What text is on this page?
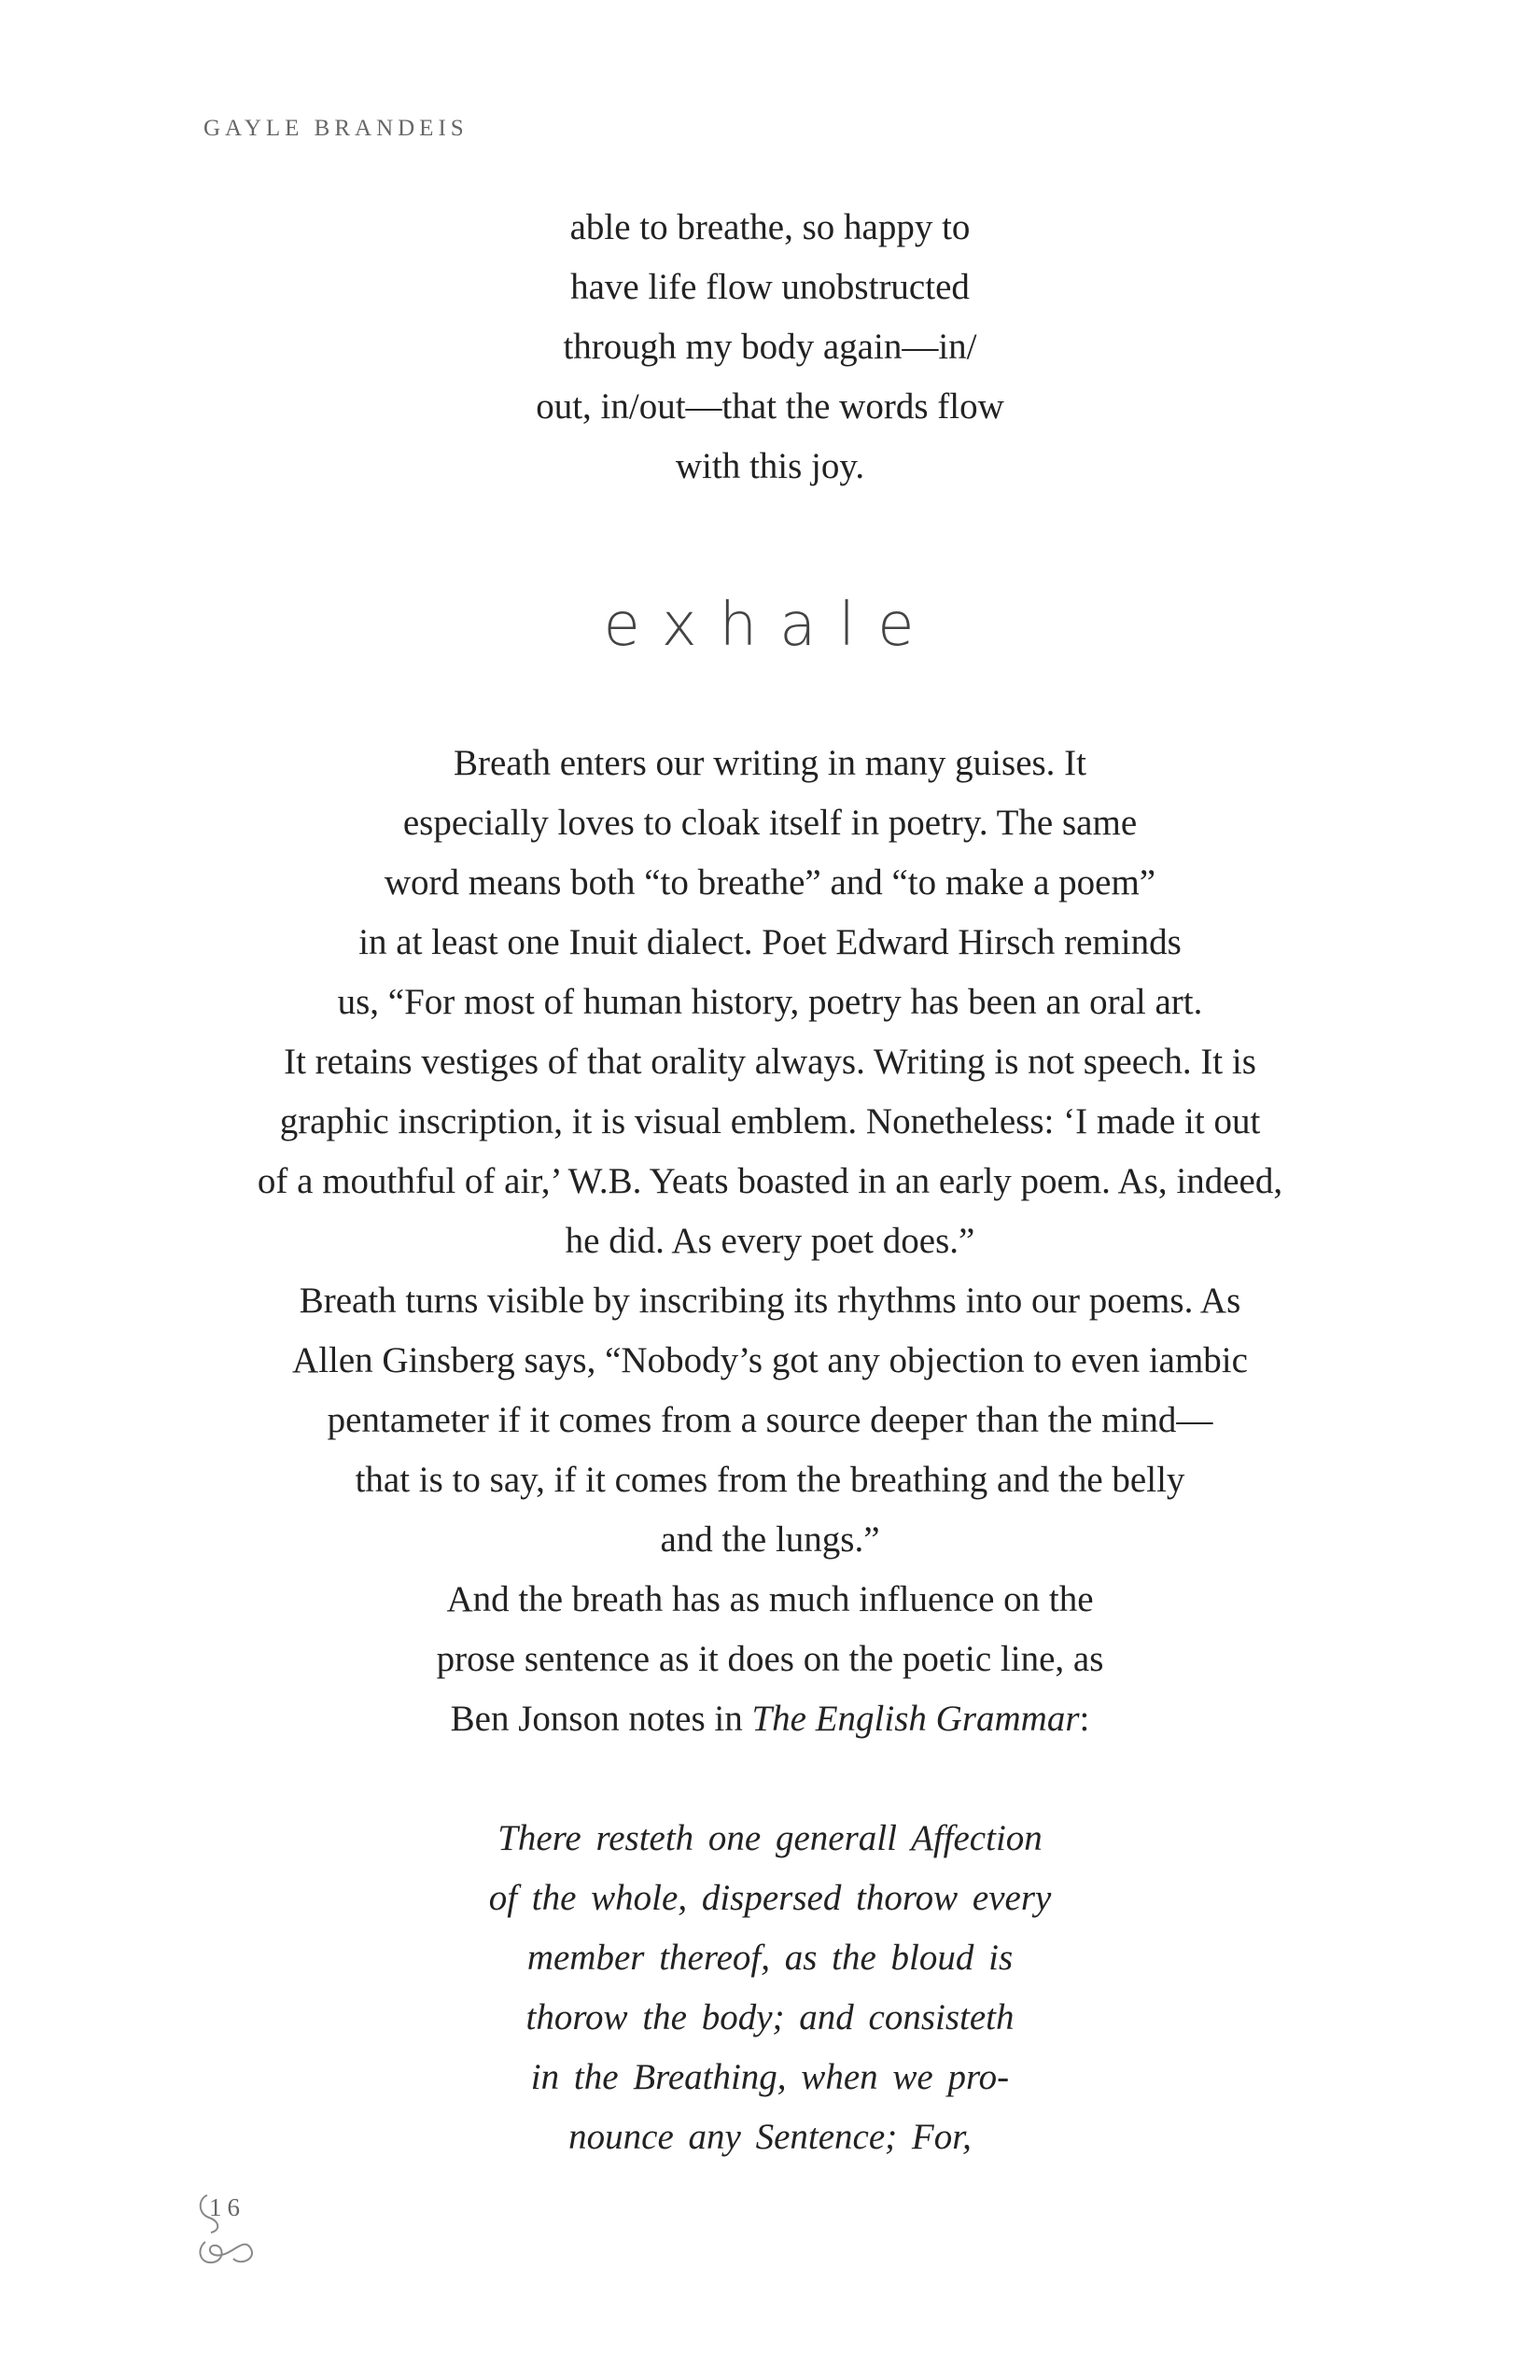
GAYLE BRANDEIS
able to breathe, so happy to
have life flow unobstructed
through my body again—in/
out, in/out—that the words flow
with this joy.
exhale
Breath enters our writing in many guises. It
especially loves to cloak itself in poetry. The same
word means both “to breathe” and “to make a poem”
in at least one Inuit dialect. Poet Edward Hirsch reminds
us, “For most of human history, poetry has been an oral art.
It retains vestiges of that orality always. Writing is not speech. It is
graphic inscription, it is visual emblem. Nonetheless: ‘I made it out
of a mouthful of air,’ W.B. Yeats boasted in an early poem. As, indeed,
he did. As every poet does.”
Breath turns visible by inscribing its rhythms into our poems. As
Allen Ginsberg says, “Nobody’s got any objection to even iambic
pentameter if it comes from a source deeper than the mind—
that is to say, if it comes from the breathing and the belly
and the lungs.”
And the breath has as much influence on the
prose sentence as it does on the poetic line, as
Ben Jonson notes in The English Grammar:
There resteth one generall Affection
of the whole, dispersed thorow every
member thereof, as the bloud is
thorow the body; and consisteth
in the Breathing, when we pro-
nounce any Sentence; For,
16
